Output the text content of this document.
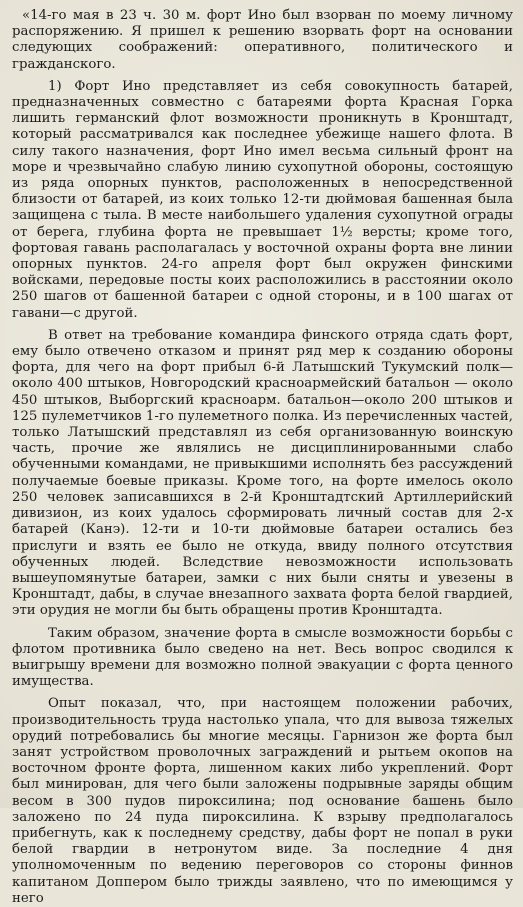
«14-го мая в 23 ч. 30 м. форт Ино был взорван по моему личному распоряжению. Я пришел к решению взорвать форт на основании следующих соображений: оперативного, политического и гражданского.

1) Форт Ино представляет из себя совокупность батарей, предназначенных совместно с батареями форта Красная Горка лишить германский флот возможности проникнуть в Кронштадт, который рассматривался как последнее убежище нашего флота. В силу такого назначения, форт Ино имел весьма сильный фронт на море и чрезвычайно слабую линию сухопутной обороны, состоящую из ряда опорных пунктов, расположенных в непосредственной близости от батарей, из коих только 12-ти дюймовая башенная была защищена с тыла. В месте наибольшего удаления сухопутной ограды от берега, глубина форта не превышает 1½ версты; кроме того, фортовая гавань располагалась у восточной охраны форта вне линии опорных пунктов. 24-го апреля форт был окружен финскими войсками, передовые посты коих расположились в расстоянии около 250 шагов от башенной батареи с одной стороны, и в 100 шагах от гавани—с другой.

В ответ на требование командира финского отряда сдать форт, ему было отвечено отказом и принят ряд мер к созданию обороны форта, для чего на форт прибыл 6-й Латышский Тукумский полк—около 400 штыков, Новгородский красноармейский батальон — около 450 штыков, Выборгский красноарм. батальон—около 200 штыков и 125 пулеметчиков 1-го пулеметного полка. Из перечисленных частей, только Латышский представлял из себя организованную воинскую часть, прочие же являлись не дисциплинированными слабо обученными командами, не привыкшими исполнять без рассуждений получаемые боевые приказы. Кроме того, на форте имелось около 250 человек записавшихся в 2-й Кронштадтский Артиллерийский дивизион, из коих удалось сформировать личный состав для 2-х батарей (Канэ). 12-ти и 10-ти дюймовые батареи остались без прислуги и взять ее было не откуда, ввиду полного отсутствия обученных людей. Вследствие невозможности использовать вышеупомянутые батареи, замки с них были сняты и увезены в Кронштадт, дабы, в случае внезапного захвата форта белой гвардией, эти орудия не могли бы быть обращены против Кронштадта.

Таким образом, значение форта в смысле возможности борьбы с флотом противника было сведено на нет. Весь вопрос сводился к выигрышу времени для возможно полной эвакуации с форта ценного имущества.

Опыт показал, что, при настоящем положении рабочих, производительность труда настолько упала, что для вывоза тяжелых орудий потребовались бы многие месяцы. Гарнизон же форта был занят устройством проволочных заграждений и рытьем окопов на восточном фронте форта, лишенном каких либо укреплений. Форт был минирован, для чего были заложены подрывные заряды общим весом в 300 пудов пироксилина; под основание башень было заложено по 24 пуда пироксилина. К взрыву предполагалось прибегнуть, как к последнему средству, дабы форт не попал в руки белой гвардии в нетронутом виде. За последние 4 дня уполномоченным по ведению переговоров со стороны финнов капитаном Доппером было трижды заявлено, что по имеющимся у него
